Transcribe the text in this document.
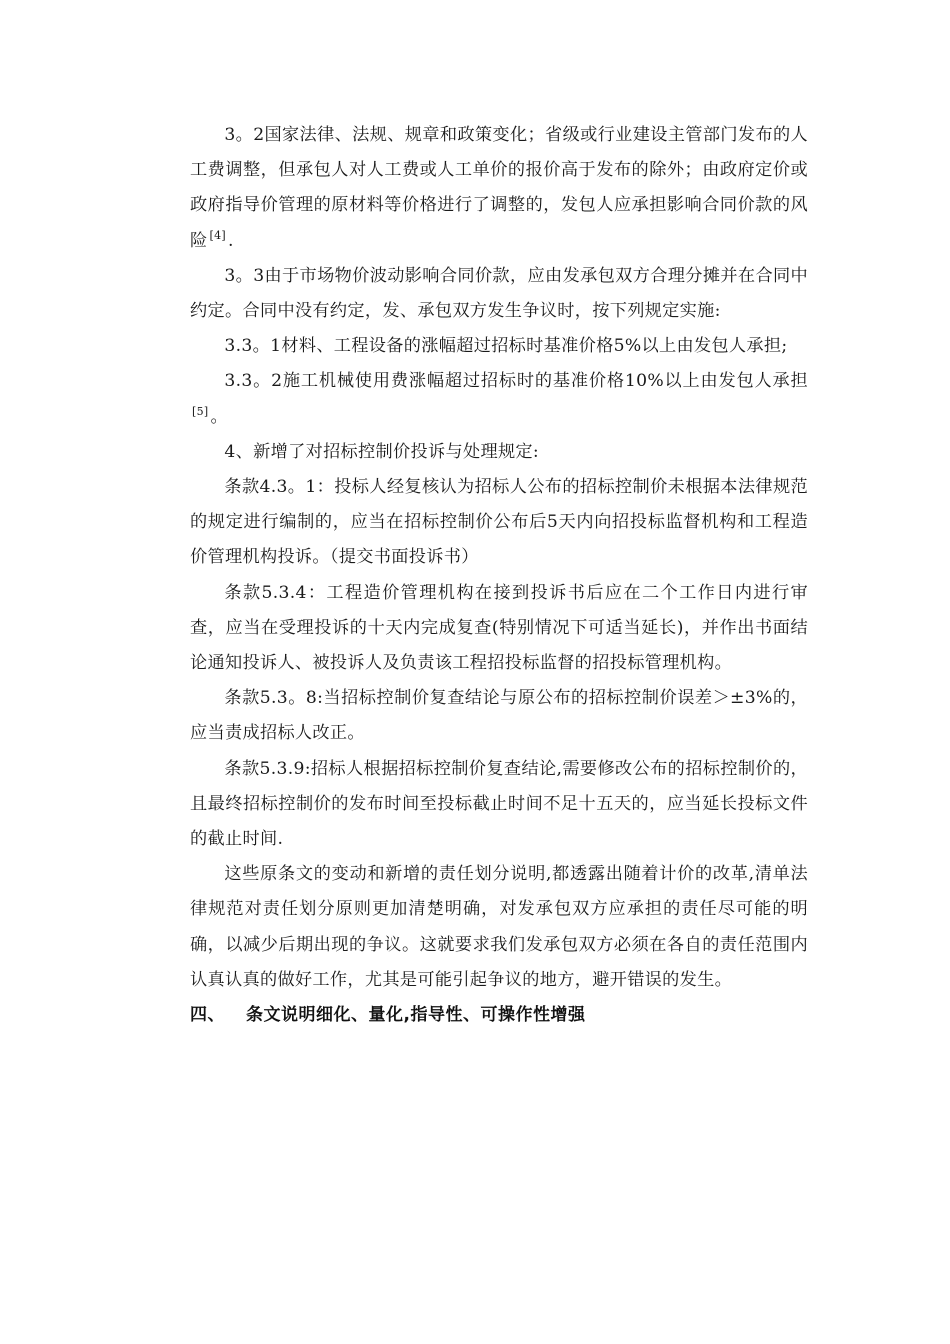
3。2国家法律、法规、规章和政策变化；省级或行业建设主管部门发布的人工费调整，但承包人对人工费或人工单价的报价高于发布的除外；由政府定价或政府指导价管理的原材料等价格进行了调整的，发包人应承担影响合同价款的风险 [4] .

3。3由于市场物价波动影响合同价款，应由发承包双方合理分摊并在合同中约定。合同中没有约定，发、承包双方发生争议时，按下列规定实施:

3.3。1材料、工程设备的涨幅超过招标时基准价格5%以上由发包人承担;

3.3。2施工机械使用费涨幅超过招标时的基准价格10%以上由发包人承担[5] 。

4、新增了对招标控制价投诉与处理规定:

条款4.3。1：投标人经复核认为招标人公布的招标控制价未根据本法律规范的规定进行编制的，应当在招标控制价公布后5天内向招投标监督机构和工程造价管理机构投诉。（提交书面投诉书）

条款5.3.4：工程造价管理机构在接到投诉书后应在二个工作日内进行审查，应当在受理投诉的十天内完成复查(特别情况下可适当延长)，并作出书面结论通知投诉人、被投诉人及负责该工程招投标监督的招投标管理机构。

条款5.3。8:当招标控制价复查结论与原公布的招标控制价误差＞±3%的，应当责成招标人改正。

条款5.3.9:招标人根据招标控制价复查结论,需要修改公布的招标控制价的，且最终招标控制价的发布时间至投标截止时间不足十五天的，应当延长投标文件的截止时间.

这些原条文的变动和新增的责任划分说明,都透露出随着计价的改革,清单法律规范对责任划分原则更加清楚明确，对发承包双方应承担的责任尽可能的明确，以减少后期出现的争议。这就要求我们发承包双方必须在各自的责任范围内认真认真的做好工作，尤其是可能引起争议的地方，避开错误的发生。

四、 条文说明细化、量化,指导性、可操作性增强
